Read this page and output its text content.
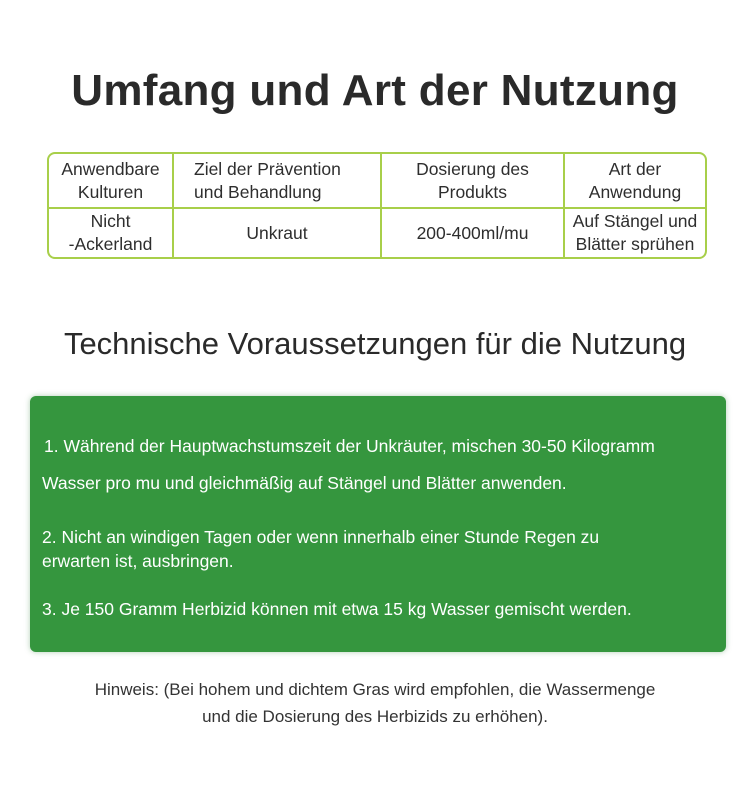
Umfang und Art der Nutzung
Anwendbare
Kulturen
Ziel der Prävention
und Behandlung
Dosierung des
Produkts
Art der
Anwendung
Nicht
-Ackerland
Unkraut	200-400ml/mu
Auf Stängel und
Blätter sprühen
Technische Voraussetzungen für die Nutzung
1. Während der Hauptwachstumszeit der Unkräuter, mischen 30-50 Kilogramm
Wasser pro mu und gleichmäßig auf Stängel und Blätter anwenden.
2. Nicht an windigen Tagen oder wenn innerhalb einer Stunde Regen zu
erwarten ist, ausbringen.
3. Je 150 Gramm Herbizid können mit etwa 15 kg Wasser gemischt werden.
Hinweis: (Bei hohem und dichtem Gras wird empfohlen, die Wassermenge
und die Dosierung des Herbizids zu erhöhen).
